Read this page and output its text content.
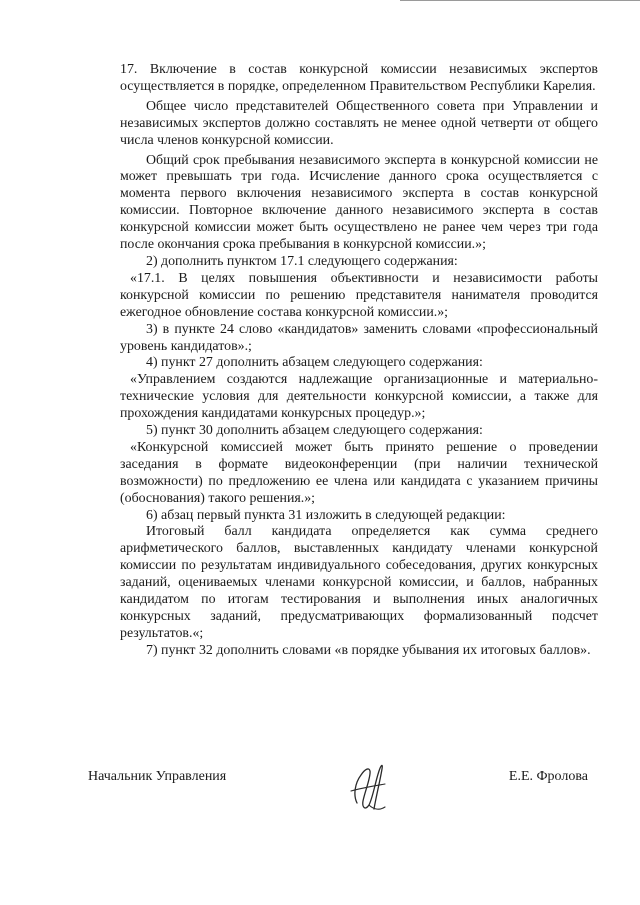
17. Включение в состав конкурсной комиссии независимых экспертов осуществляется в порядке, определенном Правительством Республики Карелия.

Общее число представителей Общественного совета при Управлении и независимых экспертов должно составлять не менее одной четверти от общего числа членов конкурсной комиссии.

Общий срок пребывания независимого эксперта в конкурсной комиссии не может превышать три года. Исчисление данного срока осуществляется с момента первого включения независимого эксперта в состав конкурсной комиссии. Повторное включение данного независимого эксперта в состав конкурсной комиссии может быть осуществлено не ранее чем через три года после окончания срока пребывания в конкурсной комиссии.»;

2) дополнить пунктом 17.1 следующего содержания:

«17.1. В целях повышения объективности и независимости работы конкурсной комиссии по решению представителя нанимателя проводится ежегодное обновление состава конкурсной комиссии.»;

3) в пункте 24 слово «кандидатов» заменить словами «профессиональный уровень кандидатов».;

4) пункт 27 дополнить абзацем следующего содержания:

«Управлением создаются надлежащие организационные и материально-технические условия для деятельности конкурсной комиссии, а также для прохождения кандидатами конкурсных процедур.»;

5) пункт 30 дополнить абзацем следующего содержания:

«Конкурсной комиссией может быть принято решение о проведении заседания в формате видеоконференции (при наличии технической возможности) по предложению ее члена или кандидата с указанием причины (обоснования) такого решения.»;

6) абзац первый пункта 31 изложить в следующей редакции:

Итоговый балл кандидата определяется как сумма среднего арифметического баллов, выставленных кандидату членами конкурсной комиссии по результатам индивидуального собеседования, других конкурсных заданий, оцениваемых членами конкурсной комиссии, и баллов, набранных кандидатом по итогам тестирования и выполнения иных аналогичных конкурсных заданий, предусматривающих формализованный подсчет результатов.«;

7) пункт 32 дополнить словами «в порядке убывания их итоговых баллов».

Начальник Управления	Е.Е. Фролова
